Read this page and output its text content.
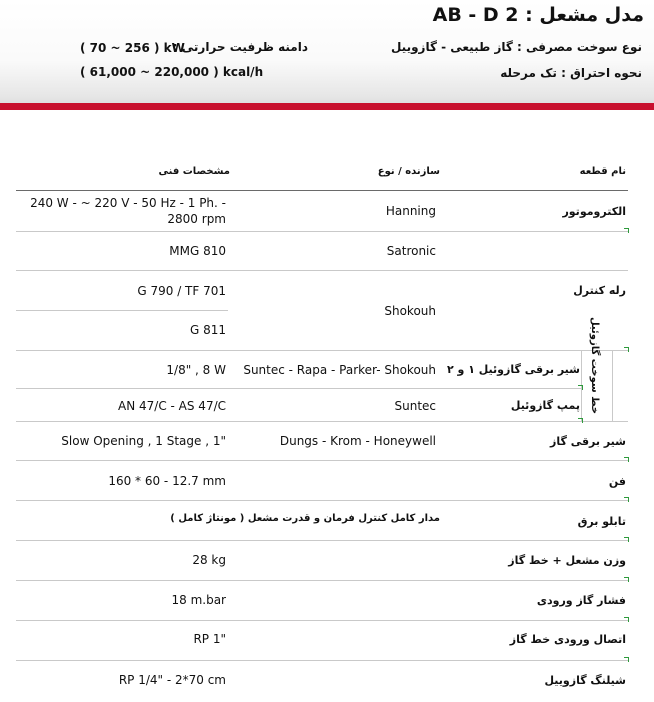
مدل مشعل : AB - D 2
نوع سوخت مصرفی : گاز طبیعی - گازوییل
نحوه احتراق : تک مرحله
دامنه ظرفیت حرارتی :
( 70 ~ 256 ) kW
( 61,000 ~ 220,000 ) kcal/h
نام قطعه
سازنده / نوع
مشخصات فنی
الکتروموتور
Hanning
240 W - ~ 220 V - 50 Hz - 1 Ph. -
2800 rpm
Satronic
MMG 810
رله کنترل
G 790 / TF 701
Shokouh
G 811	خط سوخت گازوئیل
شیر برقی گازوئیل ۱ و ۲
Suntec - Rapa - Parker- Shokouh
1/8" , 8 W
پمپ گازوئیل
Suntec
AN 47/C - AS 47/C
شیر برقی گاز
Dungs - Krom - Honeywell
Slow Opening , 1 Stage , 1"
فن
160 * 60 - 12.7 mm
تابلو برق
مدار کامل کنترل فرمان و قدرت مشعل ( مونتاژ کامل )
وزن مشعل + خط گاز
28 kg
فشار گاز ورودی
18 m.bar
اتصال ورودی خط گاز
RP 1"
شیلنگ گازوییل
RP 1/4" - 2*70 cm
